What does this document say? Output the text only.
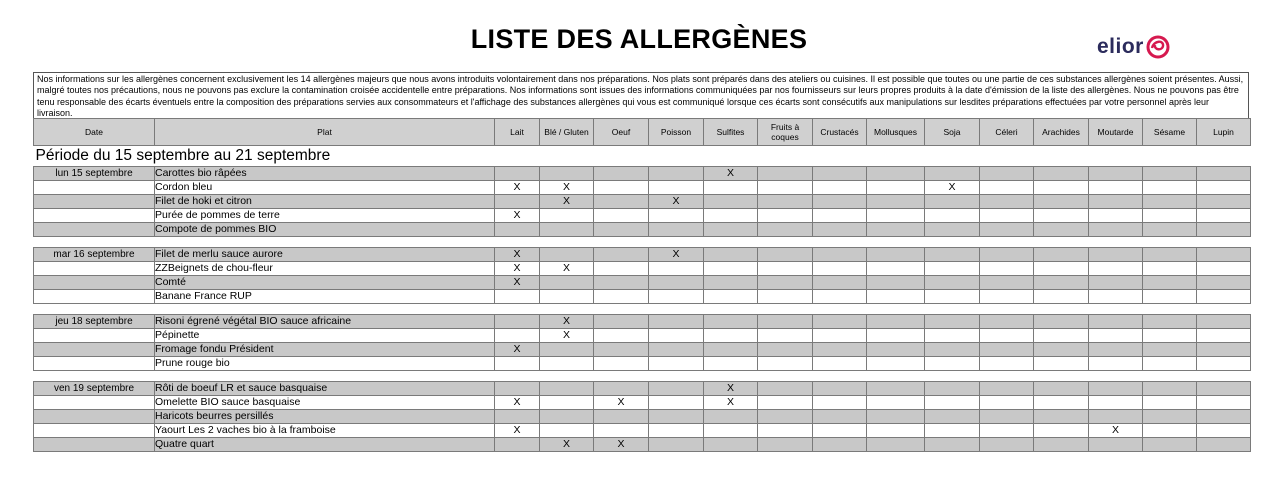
LISTE DES ALLERGÈNES	elior
Nos informations sur les allergènes concernent exclusivement les 14 allergènes majeurs que nous avons introduits volontairement dans nos préparations. Nos plats sont préparés dans des ateliers ou cuisines. Il est possible que toutes ou une partie de ces substances allergènes soient présentes. Aussi, malgré toutes nos précautions, nous ne pouvons pas exclure la contamination croisée accidentelle entre préparations. Nos informations sont issues des informations communiquées par nos fournisseurs sur leurs propres produits à la date d'émission de la liste des allergènes. Nous ne pouvons pas être tenu responsable des écarts éventuels entre la composition des préparations servies aux consommateurs et l'affichage des substances allergènes qui vous est communiqué lorsque ces écarts sont consécutifs aux manipulations sur lesdites préparations effectuées par votre personnel après leur livraison.
Date	Plat	Lait	Blé / Gluten	Oeuf	Poisson	Sulfites	Fruits à coques	Crustacés	Mollusques	Soja	Céleri	Arachides	Moutarde	Sésame	Lupin
Période du 15 septembre au 21 septembre															
lun 15 septembre	Carottes bio râpées					X									
	Cordon bleu	X	X							X					
	Filet de hoki et citron		X		X										
	Purée de pommes de terre	X													
	Compote de pommes BIO														

mar 16 septembre	Filet de merlu sauce aurore	X			X										
	ZZBeignets de chou-fleur	X	X												
	Comté	X													
	Banane France RUP														

jeu 18 septembre	Risoni égrené végétal BIO sauce africaine		X												
	Pépinette		X												
	Fromage fondu Président	X													
	Prune rouge bio														

ven 19 septembre	Rôti de boeuf LR et sauce basquaise					X									
	Omelette BIO sauce basquaise	X		X		X									
	Haricots beurres persillés														
	Yaourt Les 2 vaches bio à la framboise	X											X		
	Quatre quart		X	X											
